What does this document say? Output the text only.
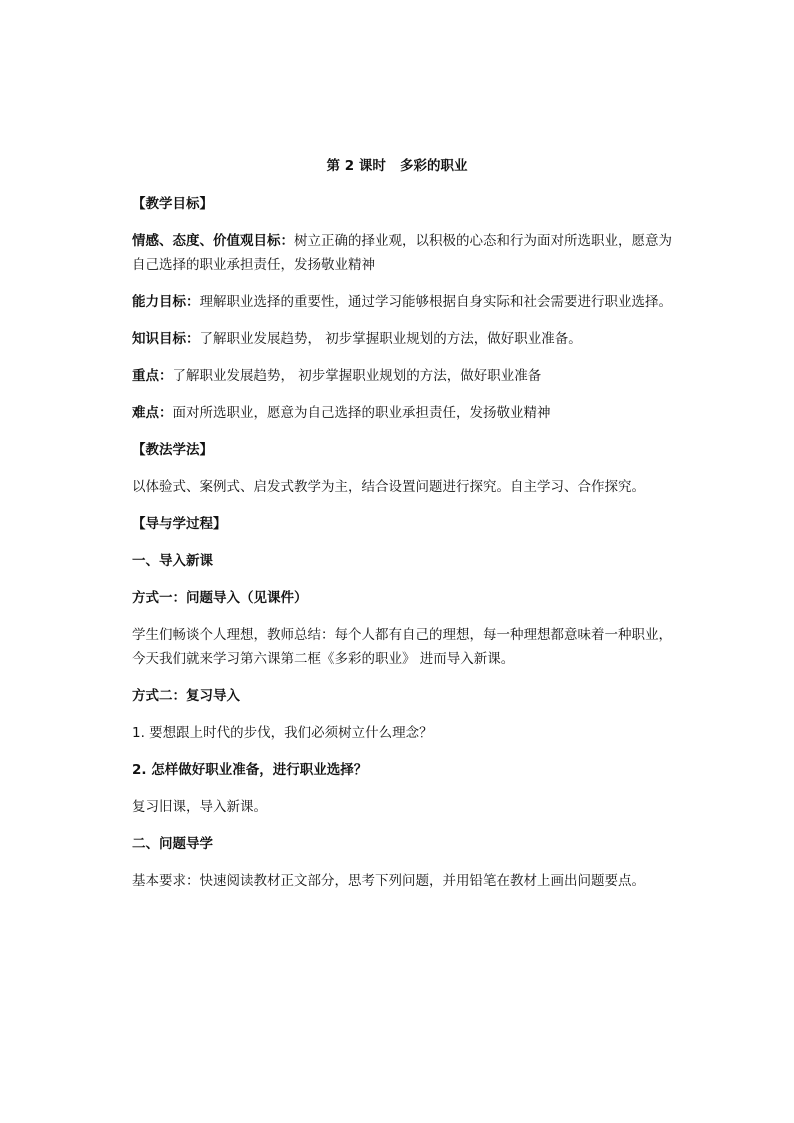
第 2 课时   多彩的职业
【教学目标】
情感、态度、价值观目标：树立正确的择业观，以积极的心态和行为面对所选职业，愿意为自己选择的职业承担责任，发扬敬业精神
能力目标：理解职业选择的重要性，通过学习能够根据自身实际和社会需要进行职业选择。
知识目标：了解职业发展趋势， 初步掌握职业规划的方法，做好职业准备。
重点：了解职业发展趋势， 初步掌握职业规划的方法，做好职业准备
难点：面对所选职业，愿意为自己选择的职业承担责任，发扬敬业精神
【教法学法】
以体验式、案例式、启发式教学为主，结合设置问题进行探究。自主学习、合作探究。
【导与学过程】
一、导入新课
方式一：问题导入（见课件）
学生们畅谈个人理想，教师总结：每个人都有自己的理想，每一种理想都意味着一种职业，今天我们就来学习第六课第二框《多彩的职业》 进而导入新课。
方式二：复习导入
1. 要想跟上时代的步伐，我们必须树立什么理念？
2. 怎样做好职业准备，进行职业选择？
复习旧课，导入新课。
二、问题导学
基本要求：快速阅读教材正文部分，思考下列问题，并用铅笔在教材上画出问题要点。
